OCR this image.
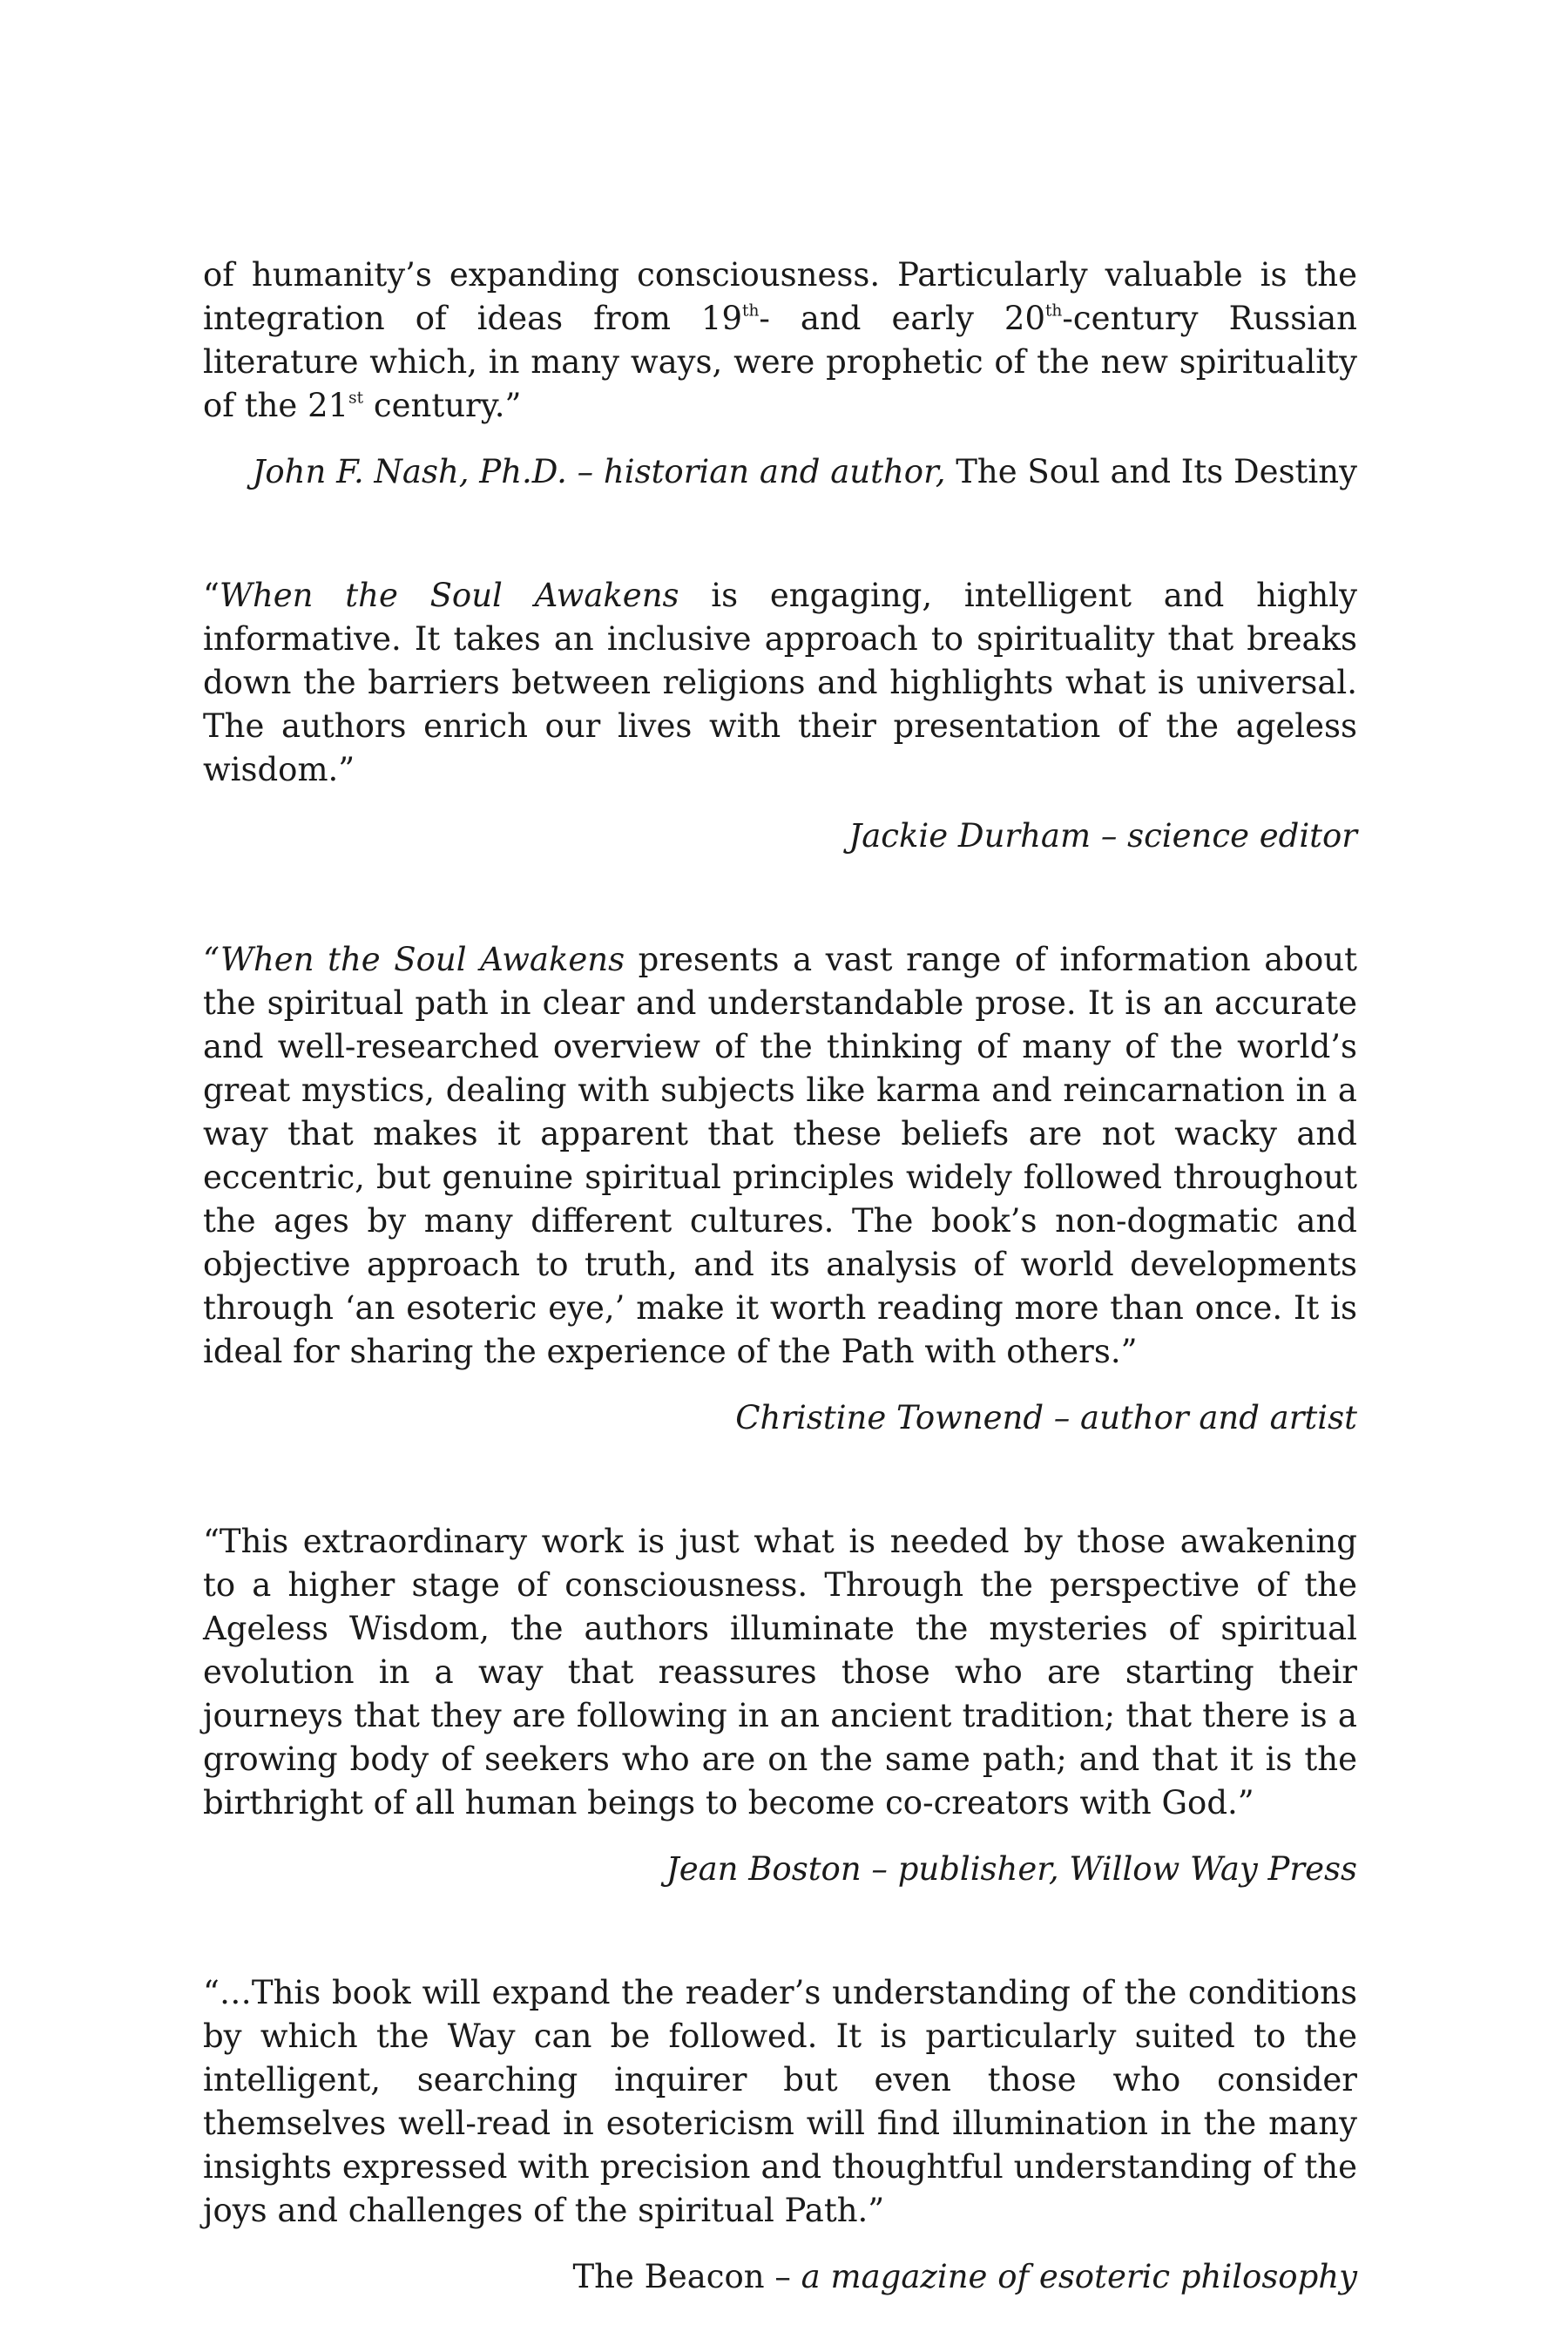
of humanity’s expanding consciousness. Particularly valuable is the integration of ideas from 19th- and early 20th-century Russian literature which, in many ways, were prophetic of the new spirituality of the 21st century.”

John F. Nash, Ph.D. – historian and author, The Soul and Its Destiny

“When the Soul Awakens is engaging, intelligent and highly informative. It takes an inclusive approach to spirituality that breaks down the barriers between religions and highlights what is universal. The authors enrich our lives with their presentation of the ageless wisdom.”

Jackie Durham – science editor

“When the Soul Awakens presents a vast range of information about the spiritual path in clear and understandable prose. It is an accurate and well-researched overview of the thinking of many of the world’s great mystics, dealing with subjects like karma and reincarnation in a way that makes it apparent that these beliefs are not wacky and eccentric, but genuine spiritual principles widely followed throughout the ages by many different cultures. The book’s non-dogmatic and objective approach to truth, and its analysis of world developments through ‘an esoteric eye,’ make it worth reading more than once. It is ideal for sharing the experience of the Path with others.”

Christine Townend – author and artist

“This extraordinary work is just what is needed by those awakening to a higher stage of consciousness. Through the perspective of the Ageless Wisdom, the authors illuminate the mysteries of spiritual evolution in a way that reassures those who are starting their journeys that they are following in an ancient tradition; that there is a growing body of seekers who are on the same path; and that it is the birthright of all human beings to become co-creators with God.”

Jean Boston – publisher, Willow Way Press

“…This book will expand the reader’s understanding of the conditions by which the Way can be followed. It is particularly suited to the intelligent, searching inquirer but even those who consider themselves well-read in esotericism will find illumination in the many insights expressed with precision and thoughtful understanding of the joys and challenges of the spiritual Path.”

The Beacon – a magazine of esoteric philosophy
